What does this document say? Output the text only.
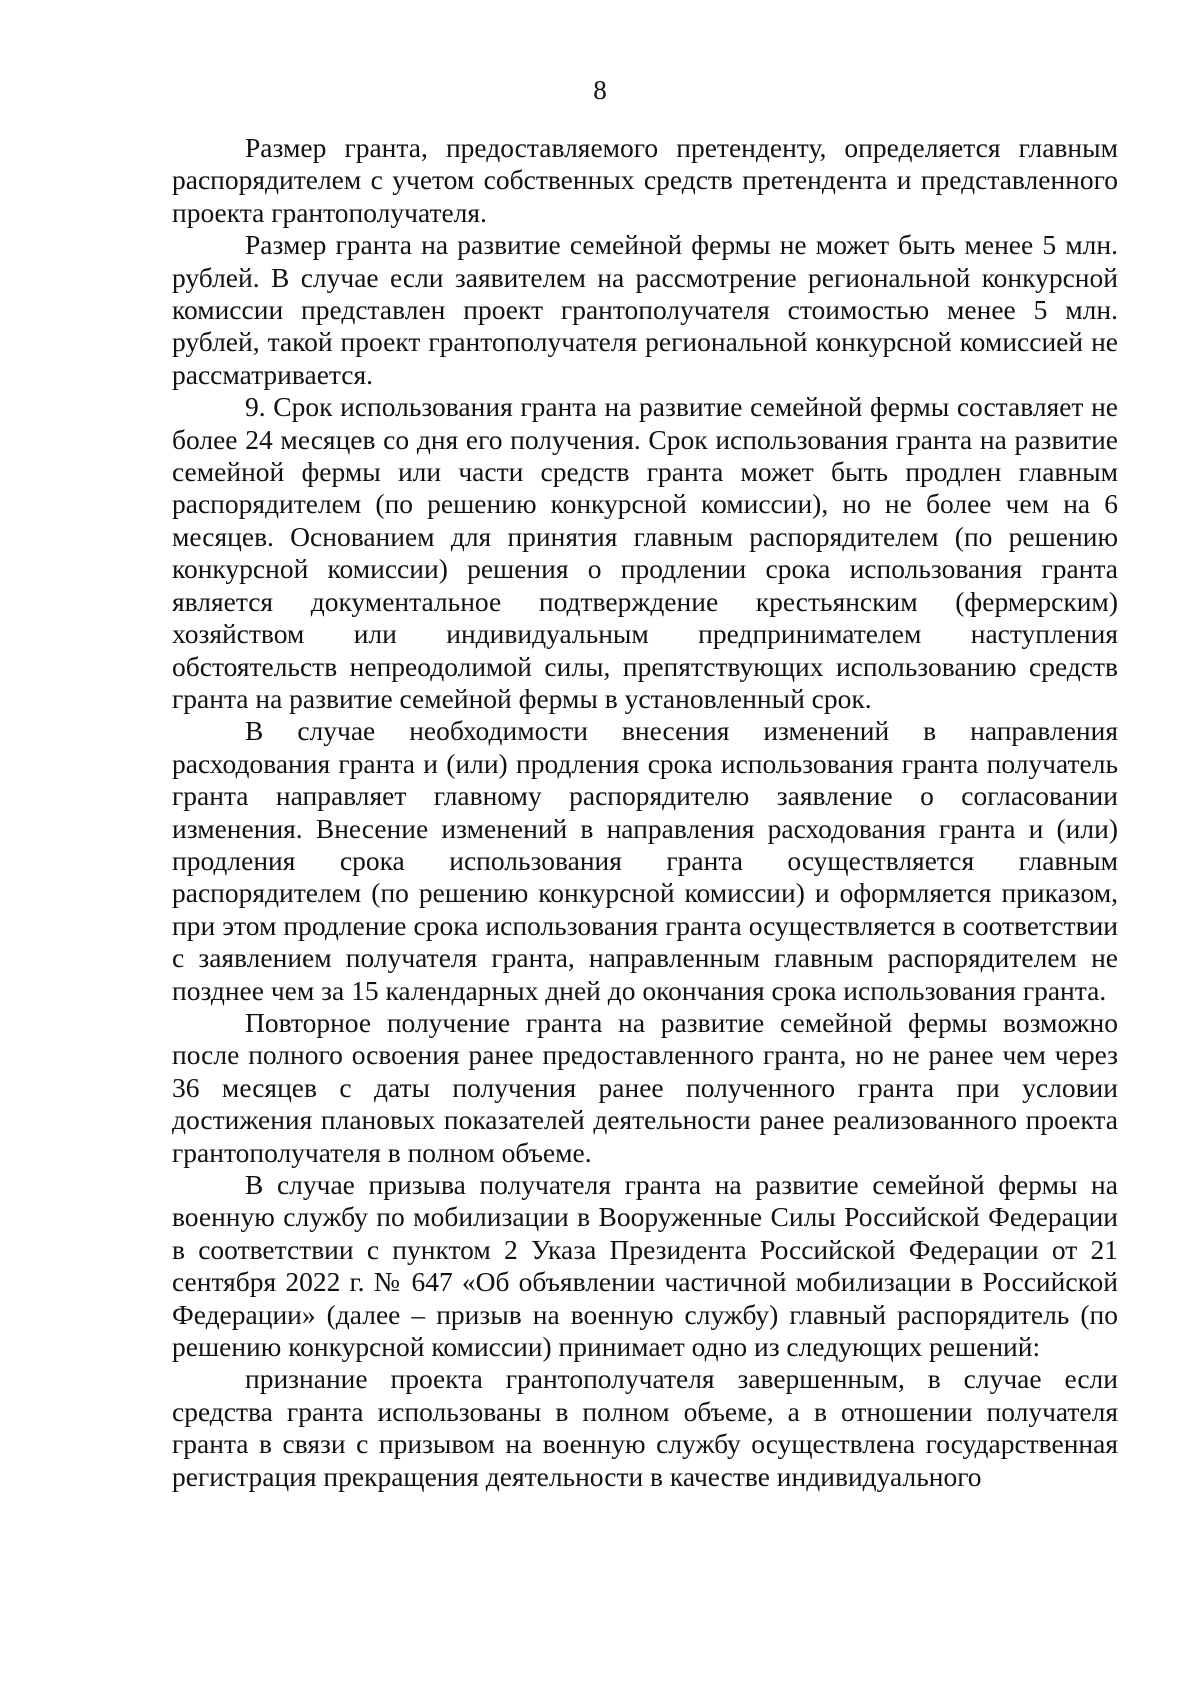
8

Размер гранта, предоставляемого претенденту, определяется главным распорядителем с учетом собственных средств претендента и представленного проекта грантополучателя.

Размер гранта на развитие семейной фермы не может быть менее 5 млн. рублей. В случае если заявителем на рассмотрение региональной конкурсной комиссии представлен проект грантополучателя стоимостью менее 5 млн. рублей, такой проект грантополучателя региональной конкурсной комиссией не рассматривается.

9. Срок использования гранта на развитие семейной фермы составляет не более 24 месяцев со дня его получения. Срок использования гранта на развитие семейной фермы или части средств гранта может быть продлен главным распорядителем (по решению конкурсной комиссии), но не более чем на 6 месяцев. Основанием для принятия главным распорядителем (по решению конкурсной комиссии) решения о продлении срока использования гранта является документальное подтверждение крестьянским (фермерским) хозяйством или индивидуальным предпринимателем наступления обстоятельств непреодолимой силы, препятствующих использованию средств гранта на развитие семейной фермы в установленный срок.

В случае необходимости внесения изменений в направления расходования гранта и (или) продления срока использования гранта получатель гранта направляет главному распорядителю заявление о согласовании изменения. Внесение изменений в направления расходования гранта и (или) продления срока использования гранта осуществляется главным распорядителем (по решению конкурсной комиссии) и оформляется приказом, при этом продление срока использования гранта осуществляется в соответствии с заявлением получателя гранта, направленным главным распорядителем не позднее чем за 15 календарных дней до окончания срока использования гранта.

Повторное получение гранта на развитие семейной фермы возможно после полного освоения ранее предоставленного гранта, но не ранее чем через 36 месяцев с даты получения ранее полученного гранта при условии достижения плановых показателей деятельности ранее реализованного проекта грантополучателя в полном объеме.

В случае призыва получателя гранта на развитие семейной фермы на военную службу по мобилизации в Вооруженные Силы Российской Федерации в соответствии с пунктом 2 Указа Президента Российской Федерации от 21 сентября 2022 г. № 647 «Об объявлении частичной мобилизации в Российской Федерации» (далее – призыв на военную службу) главный распорядитель (по решению конкурсной комиссии) принимает одно из следующих решений:

признание проекта грантополучателя завершенным, в случае если средства гранта использованы в полном объеме, а в отношении получателя гранта в связи с призывом на военную службу осуществлена государственная регистрация прекращения деятельности в качестве индивидуального
